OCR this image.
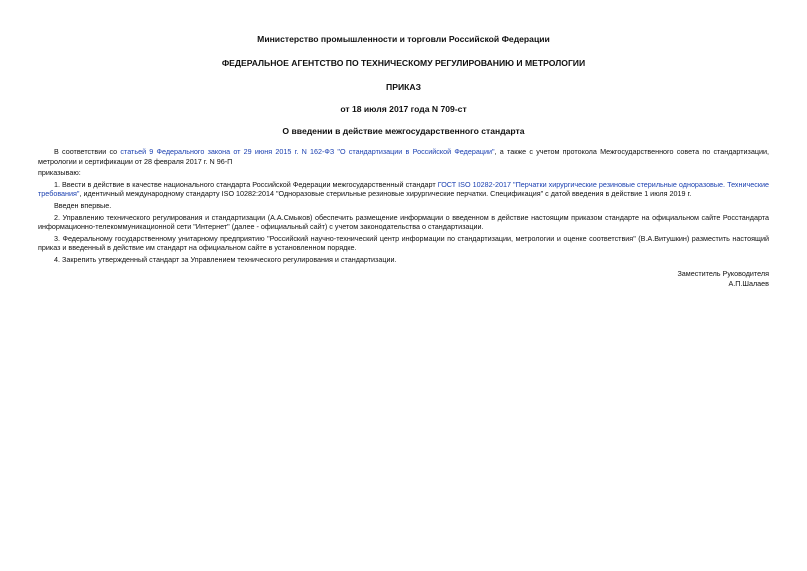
Министерство промышленности и торговли Российской Федерации
ФЕДЕРАЛЬНОЕ АГЕНТСТВО ПО ТЕХНИЧЕСКОМУ РЕГУЛИРОВАНИЮ И МЕТРОЛОГИИ
ПРИКАЗ
от 18 июля 2017 года N 709-ст
О введении в действие межгосударственного стандарта

В соответствии со статьей 9 Федерального закона от 29 июня 2015 г. N 162-ФЗ "О стандартизации в Российской Федерации", а также с учетом протокола Межгосударственного совета по стандартизации, метрологии и сертификации от 28 февраля 2017 г. N 96-П

приказываю:

1. Ввести в действие в качестве национального стандарта Российской Федерации межгосударственный стандарт ГОСТ ISO 10282-2017 "Перчатки хирургические резиновые стерильные одноразовые. Технические требования", идентичный международному стандарту ISO 10282:2014 "Одноразовые стерильные резиновые хирургические перчатки. Спецификация" с датой введения в действие 1 июля 2019 г.

Введен впервые.

2. Управлению технического регулирования и стандартизации (А.А.Смыков) обеспечить размещение информации о введенном в действие настоящим приказом стандарте на официальном сайте Росстандарта информационно-телекоммуникационной сети "Интернет" (далее - официальный сайт) с учетом законодательства о стандартизации.

3. Федеральному государственному унитарному предприятию "Российский научно-технический центр информации по стандартизации, метрологии и оценке соответствия" (В.А.Витушкин) разместить настоящий приказ и введенный в действие им стандарт на официальном сайте в установленном порядке.

4. Закрепить утвержденный стандарт за Управлением технического регулирования и стандартизации.

Заместитель Руководителя
А.П.Шалаев
